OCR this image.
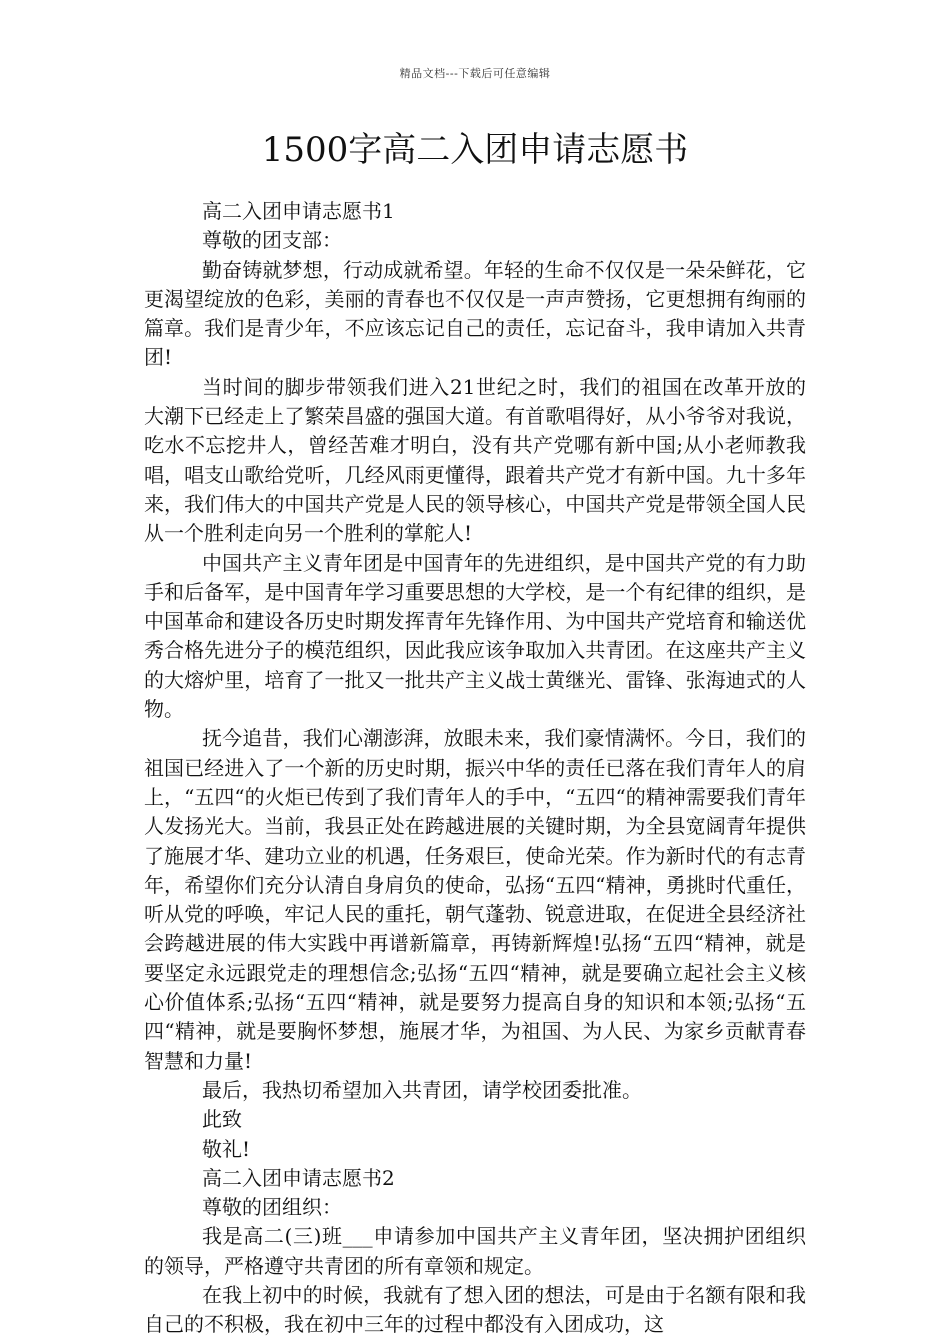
精品文档---下载后可任意编辑
1500字高二入团申请志愿书

高二入团申请志愿书1

尊敬的团支部：

勤奋铸就梦想，行动成就希望。年轻的生命不仅仅是一朵朵鲜花，它更渴望绽放的色彩，美丽的青春也不仅仅是一声声赞扬，它更想拥有绚丽的篇章。我们是青少年，不应该忘记自己的责任，忘记奋斗，我申请加入共青团!

当时间的脚步带领我们进入21世纪之时，我们的祖国在改革开放的大潮下已经走上了繁荣昌盛的强国大道。有首歌唱得好，从小爷爷对我说，吃水不忘挖井人，曾经苦难才明白，没有共产党哪有新中国;从小老师教我唱，唱支山歌给党听，几经风雨更懂得，跟着共产党才有新中国。九十多年来，我们伟大的中国共产党是人民的领导核心，中国共产党是带领全国人民从一个胜利走向另一个胜利的掌舵人!

中国共产主义青年团是中国青年的先进组织，是中国共产党的有力助手和后备军，是中国青年学习重要思想的大学校，是一个有纪律的组织，是中国革命和建设各历史时期发挥青年先锋作用、为中国共产党培育和输送优秀合格先进分子的模范组织，因此我应该争取加入共青团。在这座共产主义的大熔炉里，培育了一批又一批共产主义战士黄继光、雷锋、张海迪式的人物。

抚今追昔，我们心潮澎湃，放眼未来，我们豪情满怀。今日，我们的祖国已经进入了一个新的历史时期，振兴中华的责任已落在我们青年人的肩上，“五四“的火炬已传到了我们青年人的手中，“五四“的精神需要我们青年人发扬光大。当前，我县正处在跨越进展的关键时期，为全县宽阔青年提供了施展才华、建功立业的机遇，任务艰巨，使命光荣。作为新时代的有志青年，希望你们充分认清自身肩负的使命，弘扬“五四“精神，勇挑时代重任，听从党的呼唤，牢记人民的重托，朝气蓬勃、锐意进取，在促进全县经济社会跨越进展的伟大实践中再谱新篇章，再铸新辉煌!弘扬“五四“精神，就是要坚定永远跟党走的理想信念;弘扬“五四“精神，就是要确立起社会主义核心价值体系;弘扬“五四“精神，就是要努力提高自身的知识和本领;弘扬“五四“精神，就是要胸怀梦想，施展才华，为祖国、为人民、为家乡贡献青春智慧和力量!

最后，我热切希望加入共青团，请学校团委批准。

此致

敬礼!

高二入团申请志愿书2

尊敬的团组织：

我是高二(三)班___申请参加中国共产主义青年团，坚决拥护团组织的领导，严格遵守共青团的所有章领和规定。

在我上初中的时候，我就有了想入团的想法，可是由于名额有限和我自己的不积极，我在初中三年的过程中都没有入团成功，这
